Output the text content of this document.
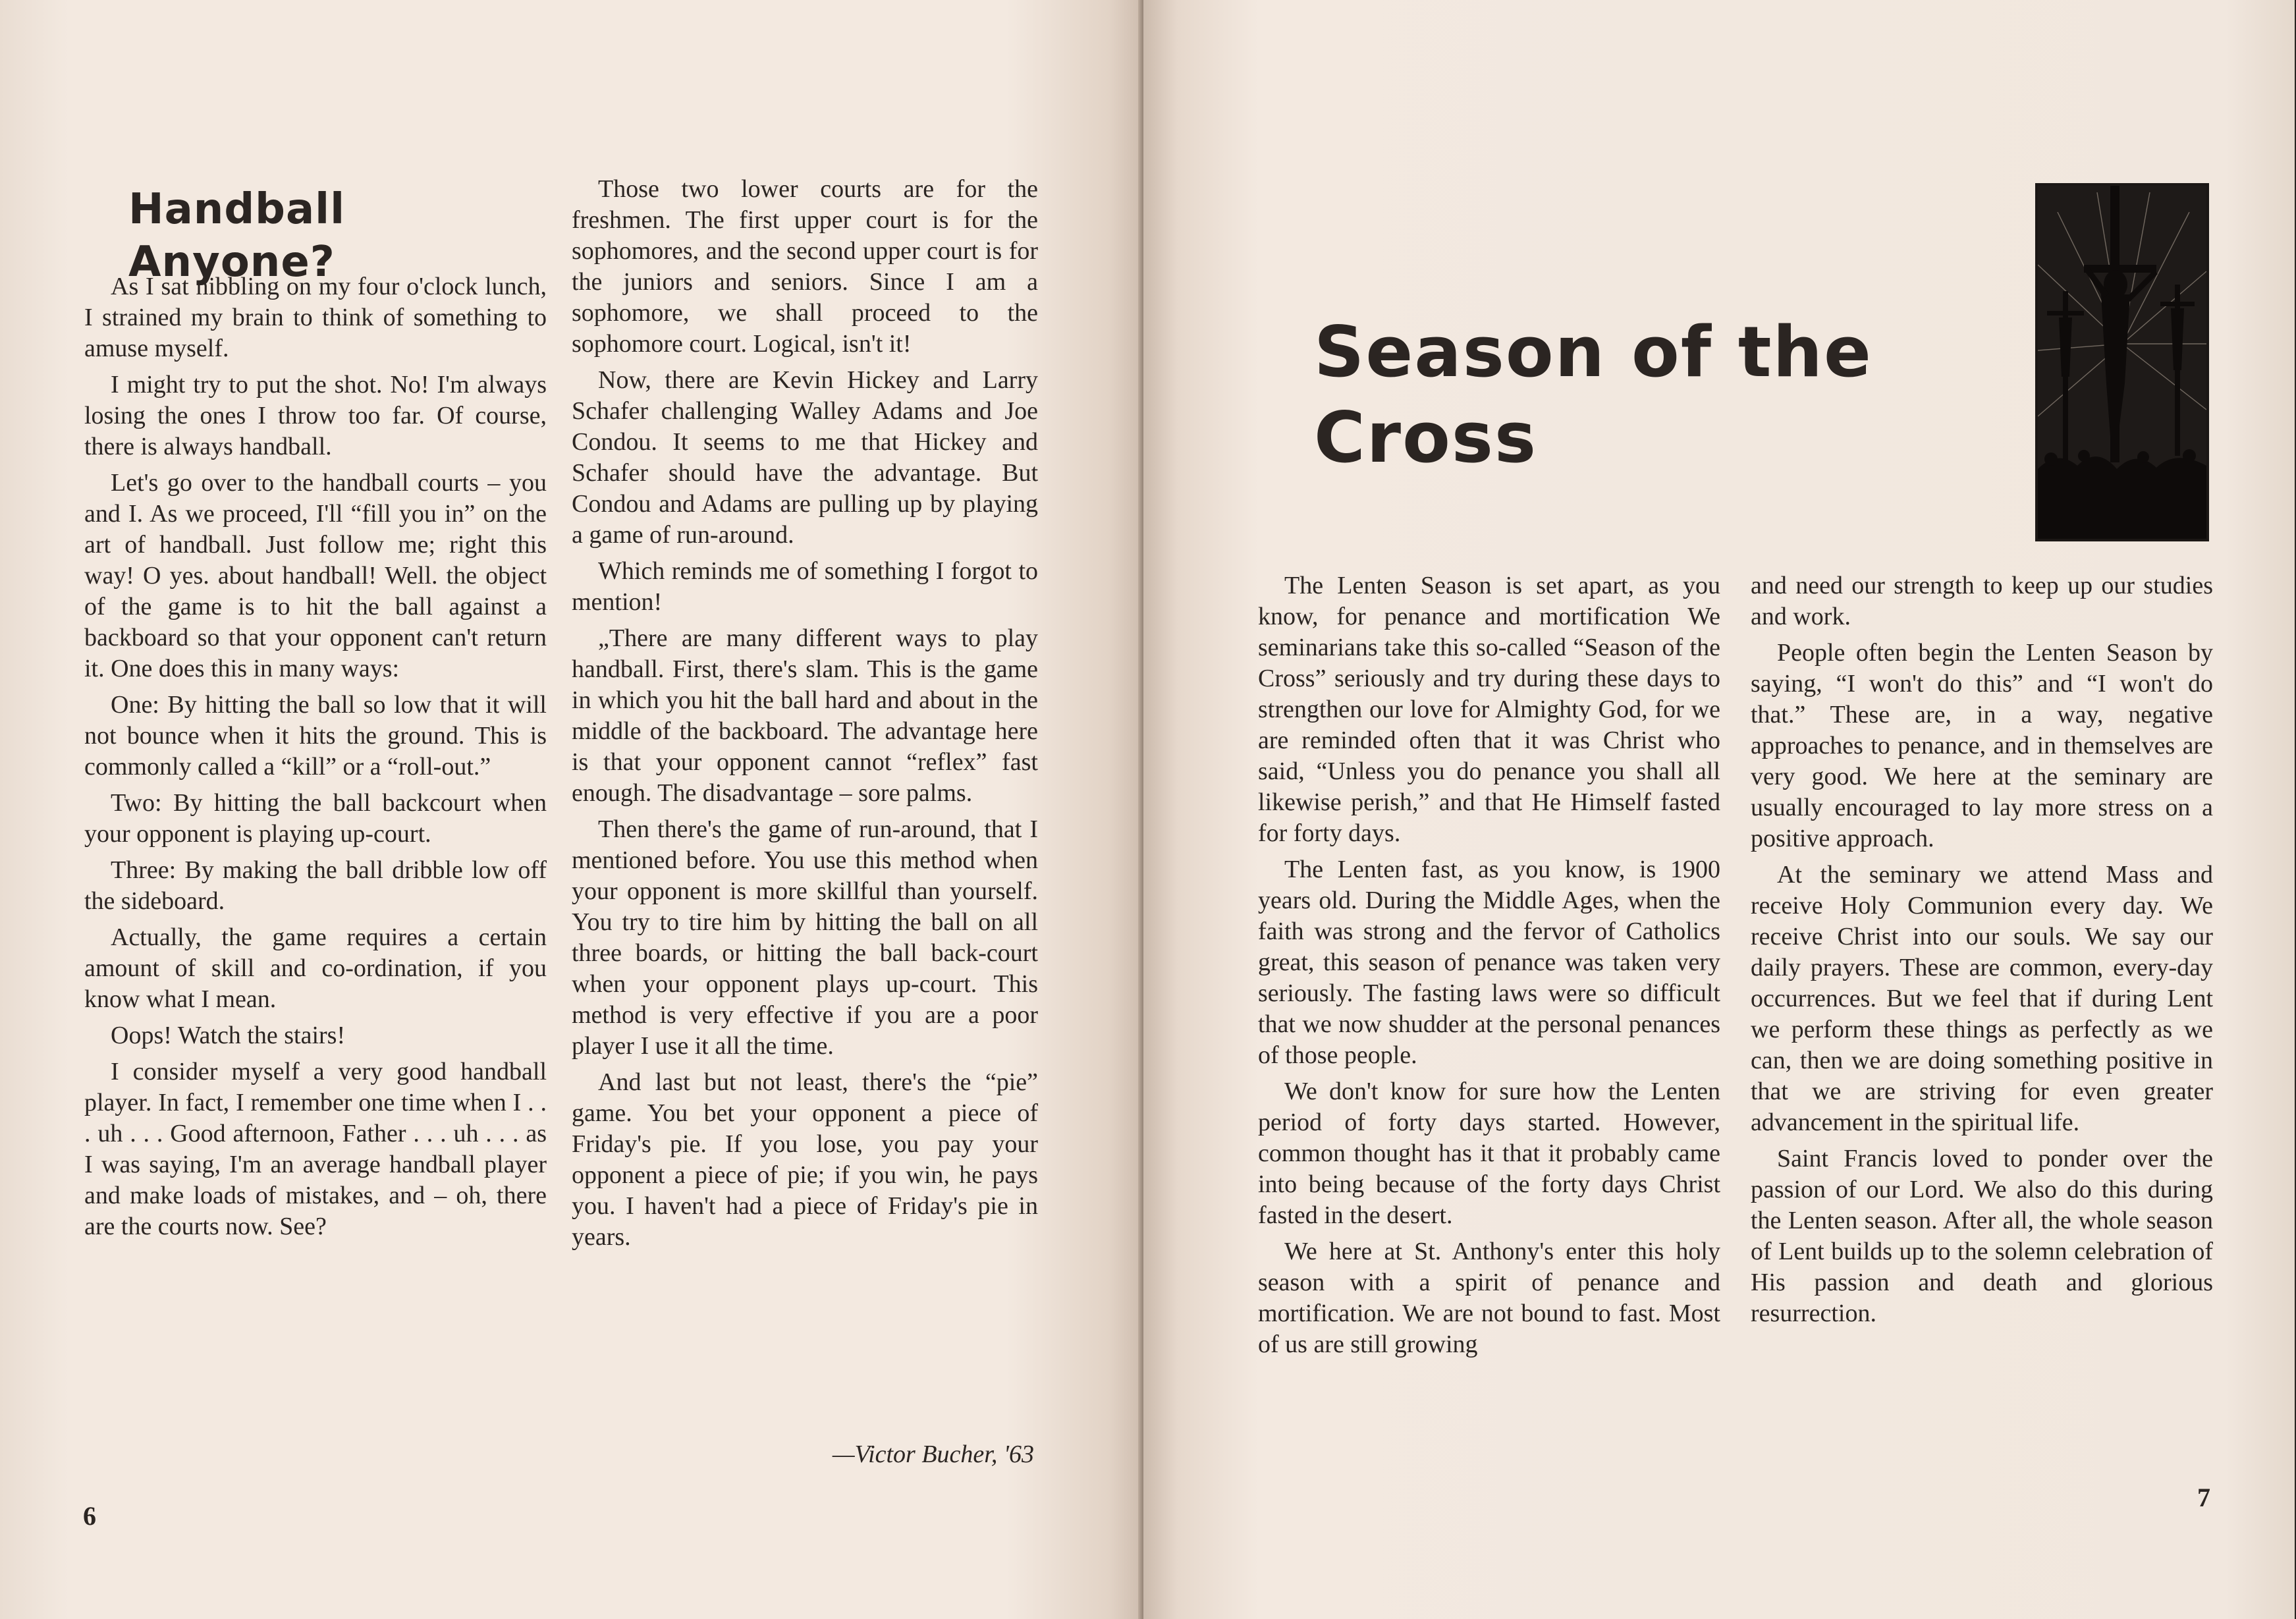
Handball Anyone?

As I sat nibbling on my four o'clock lunch, I strained my brain to think of something to amuse myself.

I might try to put the shot. No! I'm always losing the ones I throw too far. Of course, there is always handball.

Let's go over to the handball courts – you and I. As we proceed, I'll “fill you in” on the art of handball. Just follow me; right this way! O yes. about handball! Well. the object of the game is to hit the ball against a backboard so that your opponent can't return it. One does this in many ways:

One: By hitting the ball so low that it will not bounce when it hits the ground. This is commonly called a “kill” or a “roll-out.”

Two: By hitting the ball backcourt when your opponent is playing up-court.

Three: By making the ball dribble low off the sideboard.

Actually, the game requires a certain amount of skill and co-ordination, if you know what I mean.

Oops! Watch the stairs!

I consider myself a very good handball player. In fact, I remember one time when I . . . uh . . . Good afternoon, Father . . . uh . . . as I was saying, I'm an average handball player and make loads of mistakes, and – oh, there are the courts now. See?

Those two lower courts are for the freshmen. The first upper court is for the sophomores, and the second upper court is for the juniors and seniors. Since I am a sophomore, we shall proceed to the sophomore court. Logical, isn't it!

Now, there are Kevin Hickey and Larry Schafer challenging Walley Adams and Joe Condou. It seems to me that Hickey and Schafer should have the advantage. But Condou and Adams are pulling up by playing a game of run-around.

Which reminds me of something I forgot to mention!

„There are many different ways to play handball. First, there's slam. This is the game in which you hit the ball hard and about in the middle of the backboard. The advantage here is that your opponent cannot “reflex” fast enough. The disadvantage – sore palms.

Then there's the game of run-around, that I mentioned before. You use this method when your opponent is more skillful than yourself. You try to tire him by hitting the ball on all three boards, or hitting the ball back-court when your opponent plays up-court. This method is very effective if you are a poor player I use it all the time.

And last but not least, there's the “pie” game. You bet your opponent a piece of Friday's pie. If you lose, you pay your opponent a piece of pie; if you win, he pays you. I haven't had a piece of Friday's pie in years.

—Victor Bucher, '63
6
Season of the Cross

The Lenten Season is set apart, as you know, for penance and mortification We seminarians take this so-called “Season of the Cross” seriously and try during these days to strengthen our love for Almighty God, for we are reminded often that it was Christ who said, “Unless you do penance you shall all likewise perish,” and that He Himself fasted for forty days.

The Lenten fast, as you know, is 1900 years old. During the Middle Ages, when the faith was strong and the fervor of Catholics great, this season of penance was taken very seriously. The fasting laws were so difficult that we now shudder at the personal penances of those people.

We don't know for sure how the Lenten period of forty days started. However, common thought has it that it probably came into being because of the forty days Christ fasted in the desert.

We here at St. Anthony's enter this holy season with a spirit of penance and mortification. We are not bound to fast. Most of us are still growing

and need our strength to keep up our studies and work.

People often begin the Lenten Season by saying, “I won't do this” and “I won't do that.” These are, in a way, negative approaches to penance, and in themselves are very good. We here at the seminary are usually encouraged to lay more stress on a positive approach.

At the seminary we attend Mass and receive Holy Communion every day. We receive Christ into our souls. We say our daily prayers. These are common, every-day occurrences. But we feel that if during Lent we perform these things as perfectly as we can, then we are doing something positive in that we are striving for even greater advancement in the spiritual life.

Saint Francis loved to ponder over the passion of our Lord. We also do this during the Lenten season. After all, the whole season of Lent builds up to the solemn celebration of His passion and death and glorious resurrection.

7
